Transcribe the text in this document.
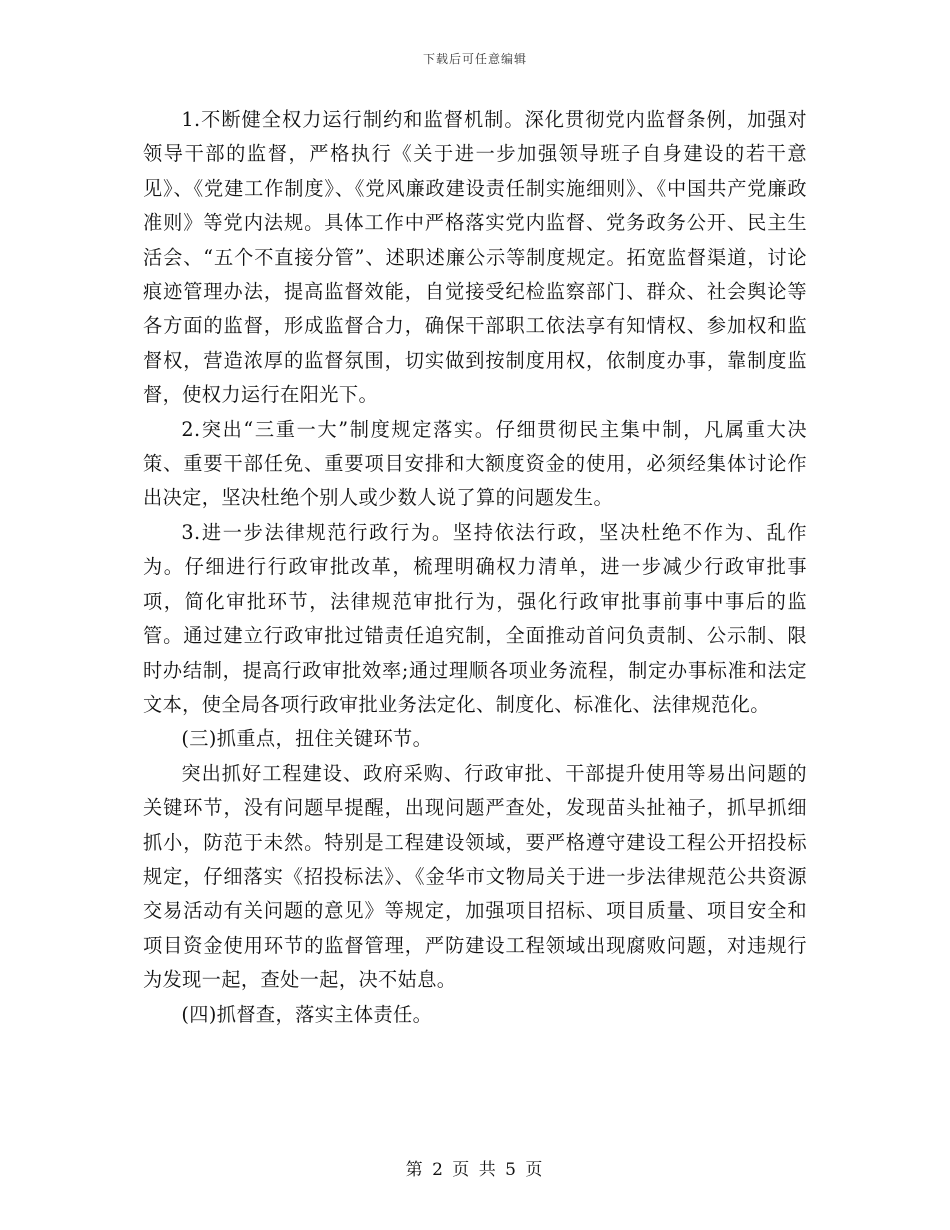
下载后可任意编辑

1.不断健全权力运行制约和监督机制。深化贯彻党内监督条例，加强对领导干部的监督，严格执行《关于进一步加强领导班子自身建设的若干意见》、《党建工作制度》、《党风廉政建设责任制实施细则》、《中国共产党廉政准则》等党内法规。具体工作中严格落实党内监督、党务政务公开、民主生活会、“五个不直接分管”、述职述廉公示等制度规定。拓宽监督渠道，讨论痕迹管理办法，提高监督效能，自觉接受纪检监察部门、群众、社会舆论等各方面的监督，形成监督合力，确保干部职工依法享有知情权、参加权和监督权，营造浓厚的监督氛围，切实做到按制度用权，依制度办事，靠制度监督，使权力运行在阳光下。

2.突出“三重一大”制度规定落实。仔细贯彻民主集中制，凡属重大决策、重要干部任免、重要项目安排和大额度资金的使用，必须经集体讨论作出决定，坚决杜绝个别人或少数人说了算的问题发生。

3.进一步法律规范行政行为。坚持依法行政，坚决杜绝不作为、乱作为。仔细进行行政审批改革，梳理明确权力清单，进一步减少行政审批事项，简化审批环节，法律规范审批行为，强化行政审批事前事中事后的监管。通过建立行政审批过错责任追究制，全面推动首问负责制、公示制、限时办结制，提高行政审批效率;通过理顺各项业务流程，制定办事标准和法定文本，使全局各项行政审批业务法定化、制度化、标准化、法律规范化。

(三)抓重点，扭住关键环节。

突出抓好工程建设、政府采购、行政审批、干部提升使用等易出问题的关键环节，没有问题早提醒，出现问题严查处，发现苗头扯袖子，抓早抓细抓小，防范于未然。特别是工程建设领域，要严格遵守建设工程公开招投标规定，仔细落实《招投标法》、《金华市文物局关于进一步法律规范公共资源交易活动有关问题的意见》等规定，加强项目招标、项目质量、项目安全和项目资金使用环节的监督管理，严防建设工程领域出现腐败问题，对违规行为发现一起，查处一起，决不姑息。

(四)抓督查，落实主体责任。

第 2 页 共 5 页
